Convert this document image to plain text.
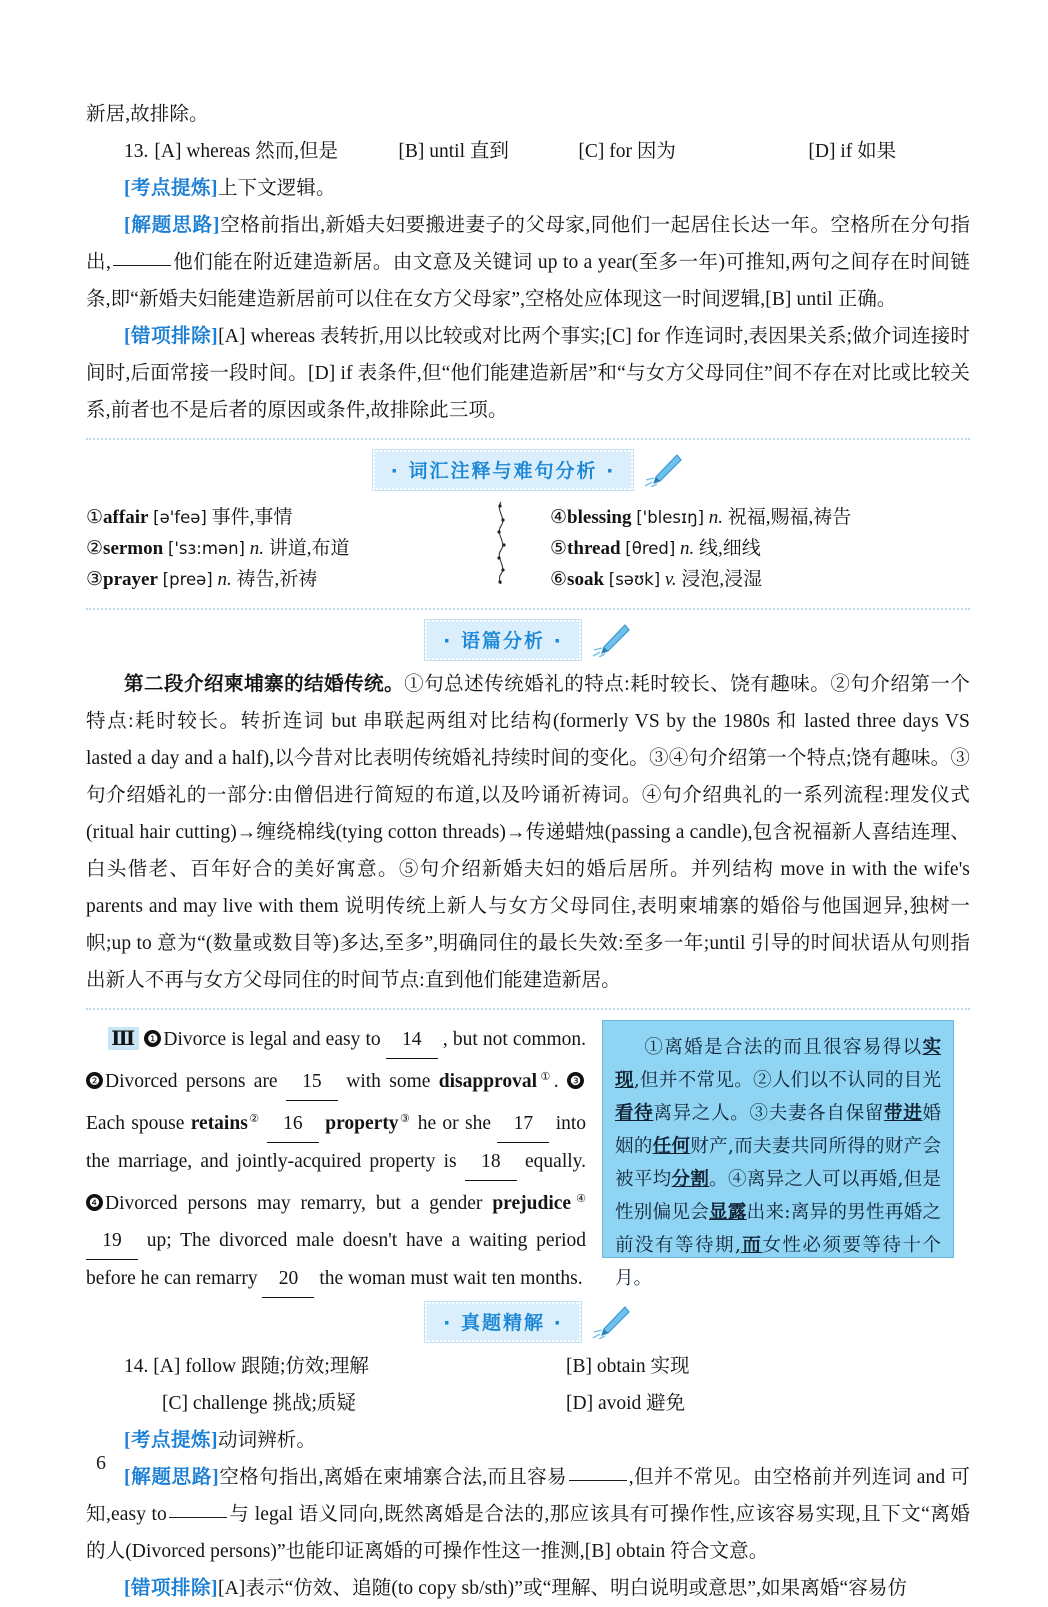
新居,故排除。
13. [A] whereas 然而,但是	[B] until 直到	[C] for 因为	[D] if 如果
[考点提炼]上下文逻辑。
[解题思路]空格前指出,新婚夫妇要搬进妻子的父母家,同他们一起居住长达一年。空格所在分句指出,	他们能在附近建造新居。由文意及关键词 up to a year(至多一年)可推知,两句之间存在时间链条,即“新婚夫妇能建造新居前可以住在女方父母家”,空格处应体现这一时间逻辑,[B] until 正确。
[错项排除][A] whereas 表转折,用以比较或对比两个事实;[C] for 作连词时,表因果关系;做介词连接时间时,后面常接一段时间。[D] if 表条件,但“他们能建造新居”和“与女方父母同住”间不存在对比或比较关系,前者也不是后者的原因或条件,故排除此三项。
· 词汇注释与难句分析 ·
①affair [ə'feə] 事件,事情
②sermon ['sɜ:mən] n. 讲道,布道
③prayer [preə] n. 祷告,祈祷
④blessing ['blesɪŋ] n. 祝福,赐福,祷告
⑤thread [θred] n. 线,细线
⑥soak [səʊk] v. 浸泡,浸湿
· 语篇分析 ·
第二段介绍柬埔寨的结婚传统。①句总述传统婚礼的特点:耗时较长、饶有趣味。②句介绍第一个特点:耗时较长。转折连词 but 串联起两组对比结构(formerly VS by the 1980s 和 lasted three days VS lasted a day and a half),以今昔对比表明传统婚礼持续时间的变化。③④句介绍第一个特点;饶有趣味。③句介绍婚礼的一部分:由僧侣进行简短的布道,以及吟诵祈祷词。④句介绍典礼的一系列流程:理发仪式(ritual hair cutting)→缠绕棉线(tying cotton threads)→传递蜡烛(passing a candle),包含祝福新人喜结连理、白头偕老、百年好合的美好寓意。⑤句介绍新婚夫妇的婚后居所。并列结构 move in with the wife's parents and may live with them 说明传统上新人与女方父母同住,表明柬埔寨的婚俗与他国迥异,独树一帜;up to 意为“(数量或数目等)多达,至多”,明确同住的最长失效:至多一年;until 引导的时间状语从句则指出新人不再与女方父母同住的时间节点:直到他们能建造新居。
Ⅲ ❶ Divorce is legal and easy to 14 , but not common. ❷ Divorced persons are 15 with some disapproval①. ❸Each spouse retains② 16 property③ he or she 17 into the marriage, and jointly-acquired property is 18 equally. ❹ Divorced persons may remarry, but a gender prejudice④ 19 up; The divorced male doesn't have a waiting period before he can remarry 20 the woman must wait ten months.
①离婚是合法的而且很容易得以实现,但并不常见。②人们以不认同的目光看待离异之人。③夫妻各自保留带进婚姻的任何财产,而夫妻共同所得的财产会被平均分割。④离异之人可以再婚,但是性别偏见会显露出来:离异的男性再婚之前没有等待期,而女性必须要等待十个月。
· 真题精解 ·
14. [A] follow 跟随;仿效;理解	[B] obtain 实现
[C] challenge 挑战;质疑	[D] avoid 避免
[考点提炼]动词辨析。
[解题思路]空格句指出,离婚在柬埔寨合法,而且容易	,但并不常见。由空格前并列连词 and 可知,easy to	与 legal 语义同向,既然离婚是合法的,那应该具有可操作性,应该容易实现,且下文“离婚的人(Divorced persons)”也能印证离婚的可操作性这一推测,[B] obtain 符合文意。
[错项排除][A]表示“仿效、追随(to copy sb/sth)”或“理解、明白说明或意思”,如果离婚“容易仿
6
